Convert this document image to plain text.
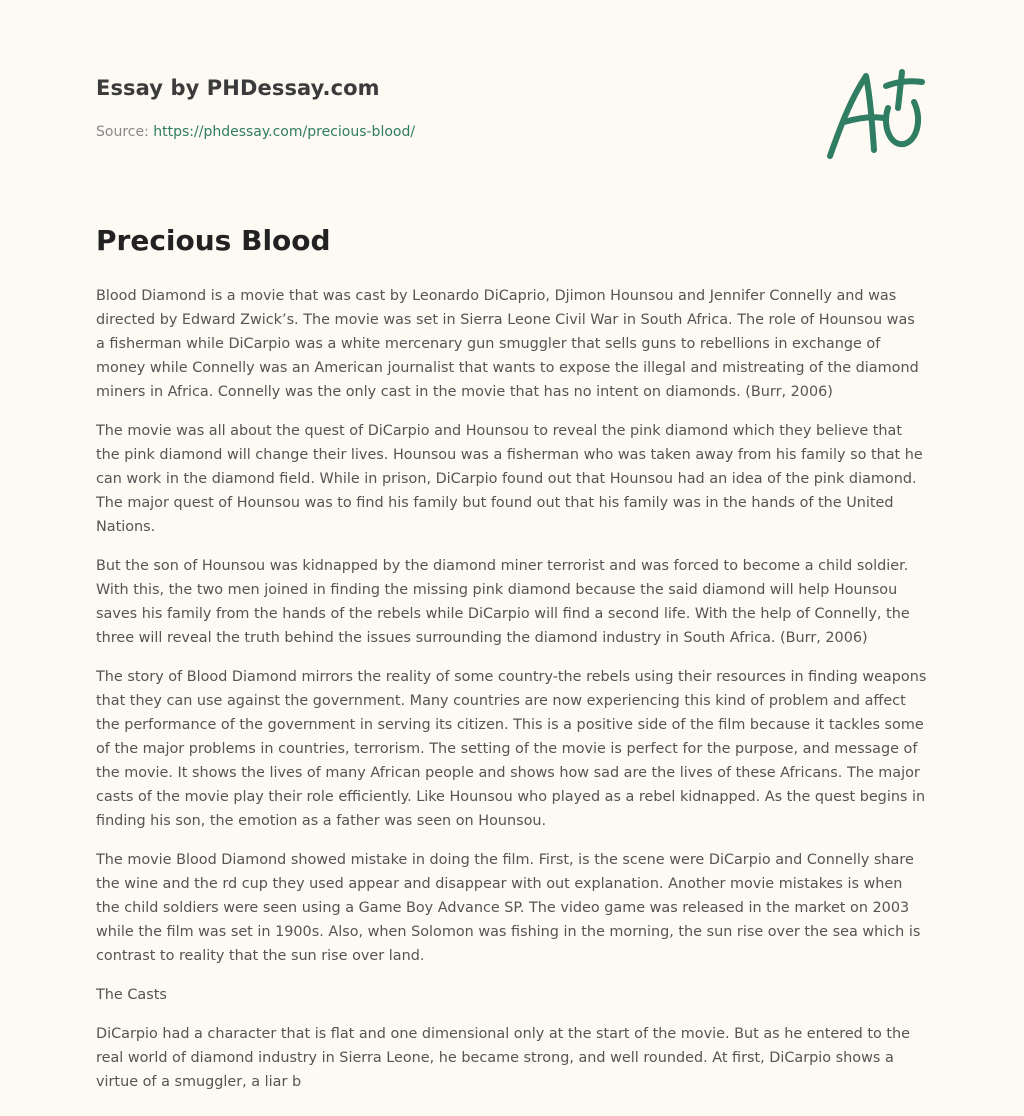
Essay by PHDessay.com
Source: https://phdessay.com/precious-blood/
Precious Blood

Blood Diamond is a movie that was cast by Leonardo DiCaprio, Djimon Hounsou and Jennifer Connelly and was directed by Edward Zwick’s. The movie was set in Sierra Leone Civil War in South Africa. The role of Hounsou was a fisherman while DiCarpio was a white mercenary gun smuggler that sells guns to rebellions in exchange of money while Connelly was an American journalist that wants to expose the illegal and mistreating of the diamond miners in Africa. Connelly was the only cast in the movie that has no intent on diamonds. (Burr, 2006)

The movie was all about the quest of DiCarpio and Hounsou to reveal the pink diamond which they believe that the pink diamond will change their lives. Hounsou was a fisherman who was taken away from his family so that he can work in the diamond field. While in prison, DiCarpio found out that Hounsou had an idea of the pink diamond. The major quest of Hounsou was to find his family but found out that his family was in the hands of the United Nations.

But the son of Hounsou was kidnapped by the diamond miner terrorist and was forced to become a child soldier. With this, the two men joined in finding the missing pink diamond because the said diamond will help Hounsou saves his family from the hands of the rebels while DiCarpio will find a second life. With the help of Connelly, the three will reveal the truth behind the issues surrounding the diamond industry in South Africa. (Burr, 2006)

The story of Blood Diamond mirrors the reality of some country-the rebels using their resources in finding weapons that they can use against the government. Many countries are now experiencing this kind of problem and affect the performance of the government in serving its citizen. This is a positive side of the film because it tackles some of the major problems in countries, terrorism. The setting of the movie is perfect for the purpose, and message of the movie. It shows the lives of many African people and shows how sad are the lives of these Africans. The major casts of the movie play their role efficiently. Like Hounsou who played as a rebel kidnapped. As the quest begins in finding his son, the emotion as a father was seen on Hounsou.

The movie Blood Diamond showed mistake in doing the film. First, is the scene were DiCarpio and Connelly share the wine and the rd cup they used appear and disappear with out explanation. Another movie mistakes is when the child soldiers were seen using a Game Boy Advance SP. The video game was released in the market on 2003 while the film was set in 1900s. Also, when Solomon was fishing in the morning, the sun rise over the sea which is contrast to reality that the sun rise over land.

The Casts

DiCarpio had a character that is flat and one dimensional only at the start of the movie. But as he entered to the real world of diamond industry in Sierra Leone, he became strong, and well rounded. At first, DiCarpio shows a virtue of a smuggler, a liar b
